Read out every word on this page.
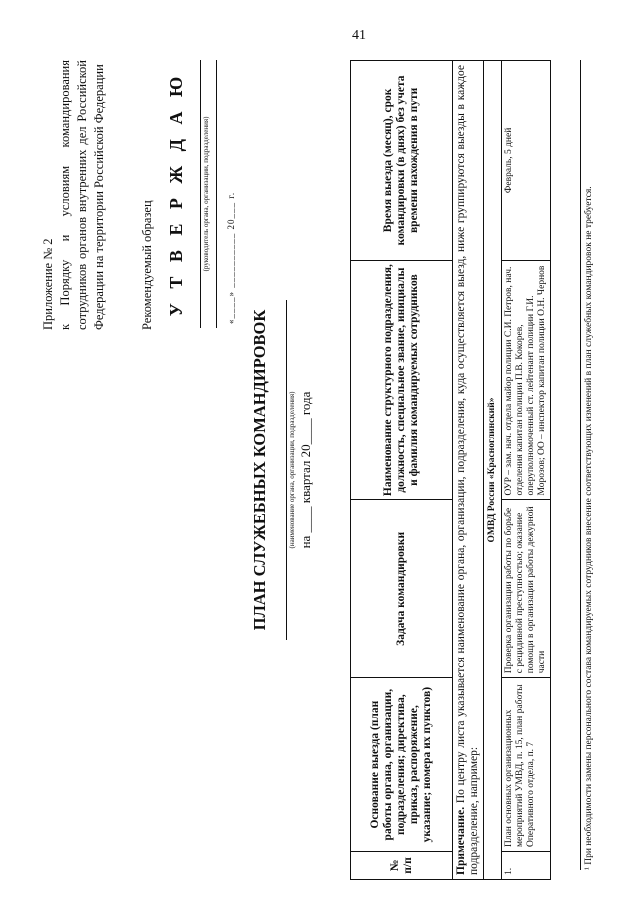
41
Приложение № 2 к Порядку и условиям командирования сотрудников органов внутренних дел Российской Федерации на территории Российской Федерации	Рекомендуемый образец У Т В Е Р Ж Д А Ю (руководитель органа, организации, подразделения) «____» __________ 20___ г.
ПЛАН СЛУЖЕБНЫХ КОМАНДИРОВОК	(наименование органа, организации, подразделения) на ____ квартал 20____ года
№ п/п	Основание выезда (план работы органа, организации, подразделения; директива, приказ, распоряжение, указание; номера их пунктов)	Задача командировки	Наименование структурного подразделения, должность, специальное звание, инициалы и фамилия командируемых сотрудников	Время выезда (месяц), срок командировки (в днях) без учета времени нахождения в пути
Примечание. По центру листа указывается наименование органа, организации, подразделения, куда осуществляется выезд, ниже группируются выезды в каждое подразделение, например:				
ОМВД России «Красноглинский»				
1.	План основных организационных мероприятий УМВД, п. 15, план работы Оперативного отдела, п. 7	Проверка организации работы по борьбе с рецидивной преступностью; оказание помощи в организации работы дежурной части	ОУР – зам. нач. отдела майор полиции С.И. Петров, нач. отделения капитан полиции П.В. Кокорев, оперуполномоченный ст. лейтенант полиции Г.И. Морозов; ОО – инспектор капитан полиции О.Н. Чернов	Февраль, 5 дней
¹ При необходимости замены персонального состава командируемых сотрудников внесение соответствующих изменений в план служебных командировок не требуется.
